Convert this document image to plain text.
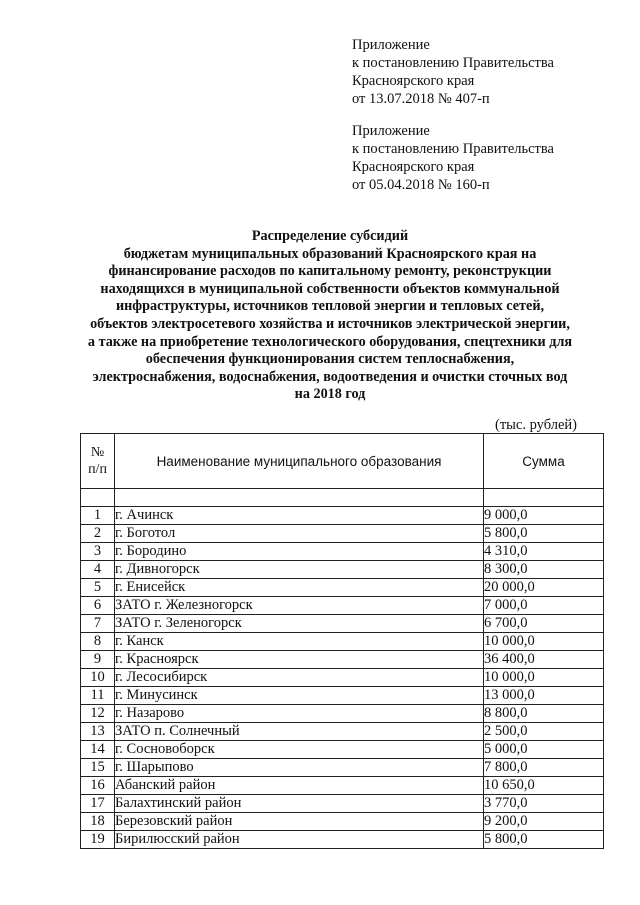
Приложение
к постановлению Правительства
Красноярского края
от 13.07.2018 № 407-п
Приложение
к постановлению Правительства
Красноярского края
от 05.04.2018 № 160-п
Распределение субсидий
бюджетам муниципальных образований Красноярского края на
финансирование расходов по капитальному ремонту, реконструкции
находящихся в муниципальной собственности объектов коммунальной
инфраструктуры, источников тепловой энергии и тепловых сетей,
объектов электросетевого хозяйства и источников электрической энергии,
а также на приобретение технологического оборудования, спецтехники для
обеспечения функционирования систем теплоснабжения,
электроснабжения, водоснабжения, водоотведения и очистки сточных вод
на 2018 год
(тыс. рублей)
№
п/п	Наименование муниципального образования	Сумма

1	г. Ачинск	9 000,0
2	г. Боготол	5 800,0
3	г. Бородино	4 310,0
4	г. Дивногорск	8 300,0
5	г. Енисейск	20 000,0
6	ЗАТО г. Железногорск	7 000,0
7	ЗАТО г. Зеленогорск	6 700,0
8	г. Канск	10 000,0
9	г. Красноярск	36 400,0
10	г. Лесосибирск	10 000,0
11	г. Минусинск	13 000,0
12	г. Назарово	8 800,0
13	ЗАТО п. Солнечный	2 500,0
14	г. Сосновоборск	5 000,0
15	г. Шарыпово	7 800,0
16	Абанский район	10 650,0
17	Балахтинский район	3 770,0
18	Березовский район	9 200,0
19	Бирилюсский район	5 800,0
